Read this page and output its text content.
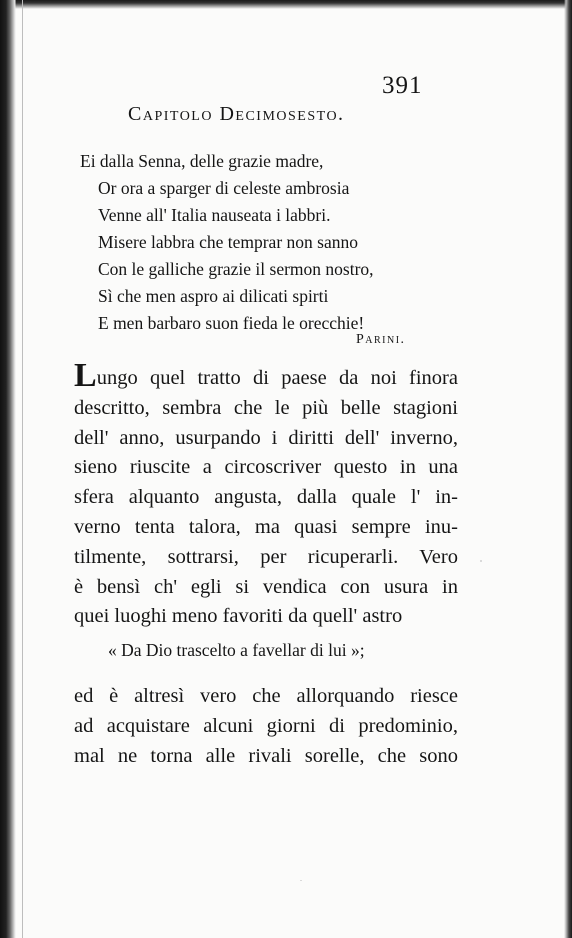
391
Capitolo Decimosesto.
Ei dalla Senna, delle grazie madre,
Or ora a sparger di celeste ambrosia
Venne all' Italia nauseata i labbri.
Misere labbra che temprar non sanno
Con le galliche grazie il sermon nostro,
Sì che men aspro ai dilicati spirti
E men barbaro suon fieda le orecchie!
Parini.
Lungo quel tratto di paese da noi finora
descritto, sembra che le più belle stagioni
dell' anno, usurpando i diritti dell' inverno,
sieno riuscite a circoscriver questo in una
sfera alquanto angusta, dalla quale l' in-
verno tenta talora, ma quasi sempre inu-
tilmente, sottrarsi, per ricuperarli. Vero
è bensì ch' egli si vendica con usura in
quei luoghi meno favoriti da quell' astro
« Da Dio trascelto a favellar di lui »;
ed è altresì vero che allorquando riesce
ad acquistare alcuni giorni di predominio,
mal ne torna alle rivali sorelle, che sono
